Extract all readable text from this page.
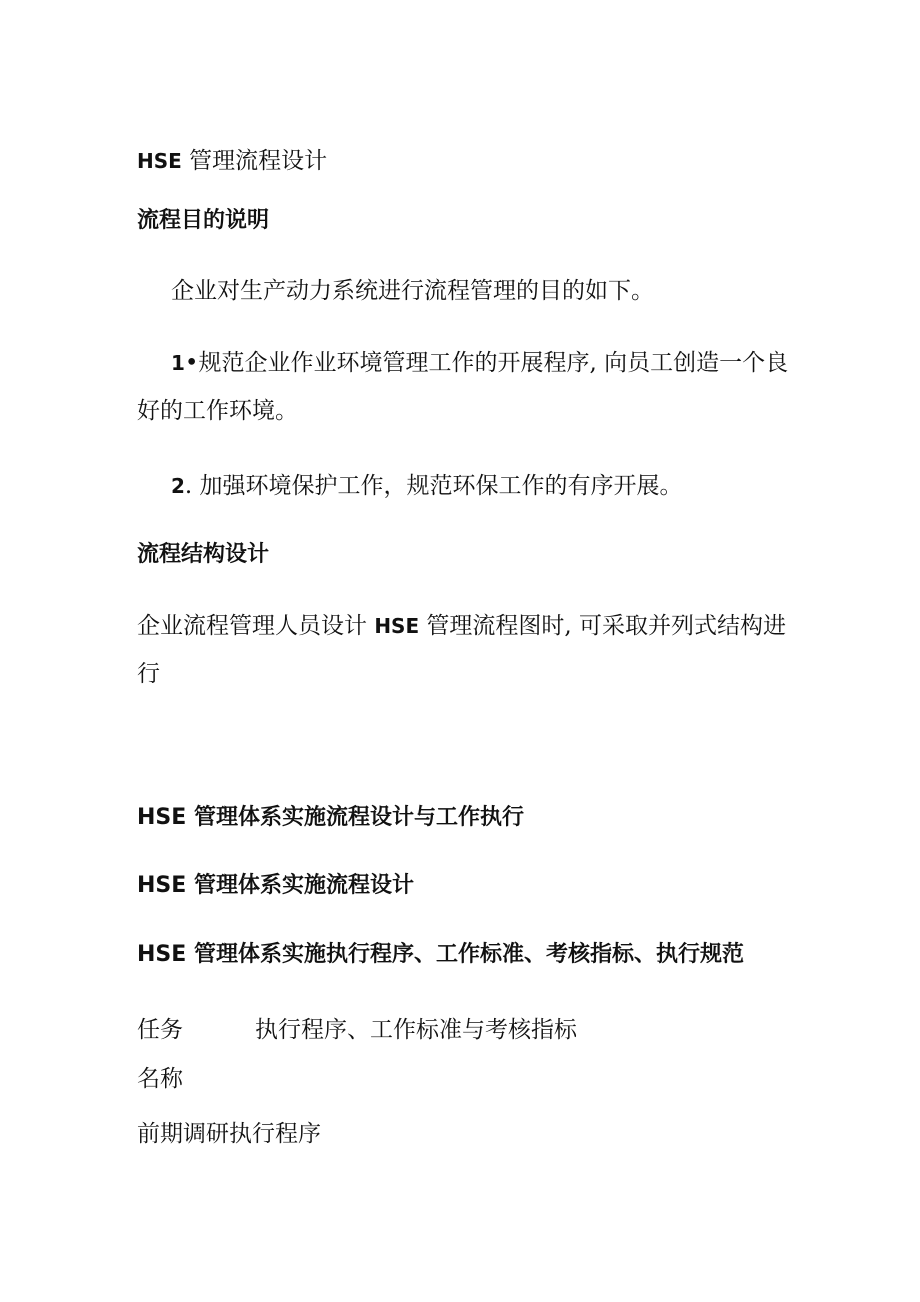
HSE 管理流程设计
流程目的说明
企业对生产动力系统进行流程管理的目的如下。
1•规范企业作业环境管理工作的开展程序, 向员工创造一个良
好的工作环境。
2. 加强环境保护工作，规范环保工作的有序开展。
流程结构设计
企业流程管理人员设计 HSE 管理流程图时, 可采取并列式结构进
行
HSE 管理体系实施流程设计与工作执行
HSE 管理体系实施流程设计
HSE 管理体系实施执行程序、工作标准、考核指标、执行规范
任务	执行程序、工作标准与考核指标
名称
前期调研执行程序
